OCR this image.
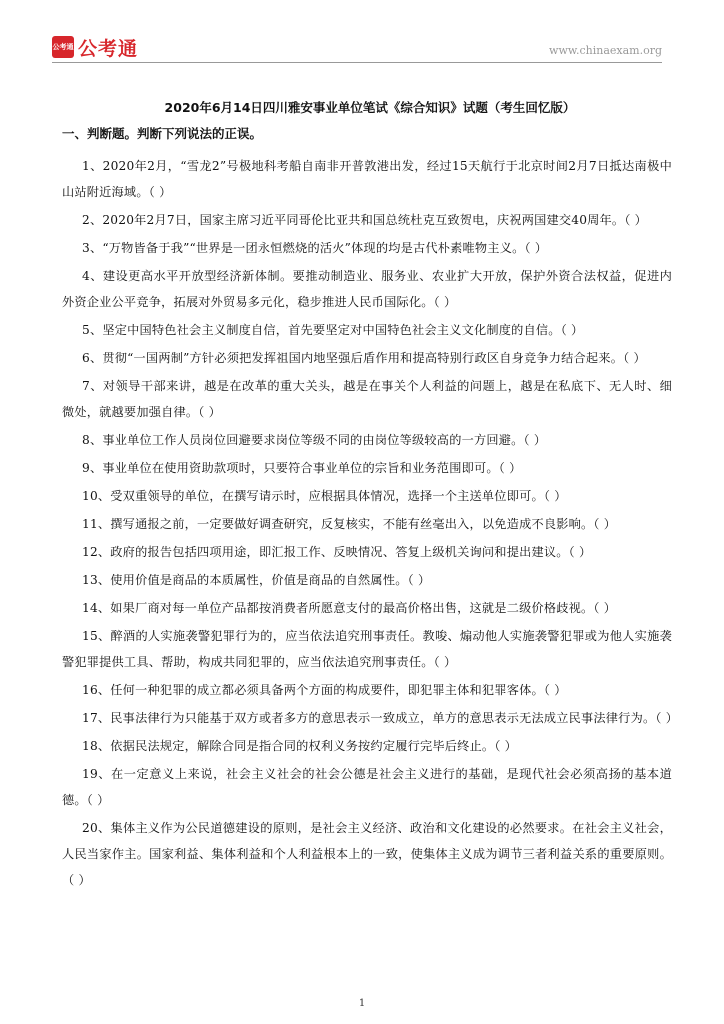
公考通 公考通	www.chinaexam.org
2020年6月14日四川雅安事业单位笔试《综合知识》试题（考生回忆版）
一、判断题。判断下列说法的正误。

1、2020年2月，“雪龙2”号极地科考船自南非开普敦港出发，经过15天航行于北京时间2月7日抵达南极中山站附近海域。（ ）

2、2020年2月7日，国家主席习近平同哥伦比亚共和国总统杜克互致贺电，庆祝两国建交40周年。（ ）

3、“万物皆备于我”“世界是一团永恒燃烧的活火”体现的均是古代朴素唯物主义。（ ）

4、建设更高水平开放型经济新体制。要推动制造业、服务业、农业扩大开放，保护外资合法权益，促进内外资企业公平竞争，拓展对外贸易多元化，稳步推进人民币国际化。（ ）

5、坚定中国特色社会主义制度自信，首先要坚定对中国特色社会主义文化制度的自信。（ ）

6、贯彻“一国两制”方针必须把发挥祖国内地坚强后盾作用和提高特别行政区自身竞争力结合起来。（ ）

7、对领导干部来讲，越是在改革的重大关头，越是在事关个人利益的问题上，越是在私底下、无人时、细微处，就越要加强自律。（ ）

8、事业单位工作人员岗位回避要求岗位等级不同的由岗位等级较高的一方回避。（ ）

9、事业单位在使用资助款项时，只要符合事业单位的宗旨和业务范围即可。（ ）

10、受双重领导的单位，在撰写请示时，应根据具体情况，选择一个主送单位即可。（ ）

11、撰写通报之前，一定要做好调查研究，反复核实，不能有丝毫出入，以免造成不良影响。（ ）

12、政府的报告包括四项用途，即汇报工作、反映情况、答复上级机关询问和提出建议。（ ）

13、使用价值是商品的本质属性，价值是商品的自然属性。（ ）

14、如果厂商对每一单位产品都按消费者所愿意支付的最高价格出售，这就是二级价格歧视。（ ）

15、醉酒的人实施袭警犯罪行为的，应当依法追究刑事责任。教唆、煽动他人实施袭警犯罪或为他人实施袭警犯罪提供工具、帮助，构成共同犯罪的，应当依法追究刑事责任。（ ）

16、任何一种犯罪的成立都必须具备两个方面的构成要件，即犯罪主体和犯罪客体。（ ）

17、民事法律行为只能基于双方或者多方的意思表示一致成立，单方的意思表示无法成立民事法律行为。（ ）

18、依据民法规定，解除合同是指合同的权利义务按约定履行完毕后终止。（ ）

19、在一定意义上来说，社会主义社会的社会公德是社会主义进行的基础，是现代社会必须高扬的基本道德。（ ）

20、集体主义作为公民道德建设的原则，是社会主义经济、政治和文化建设的必然要求。在社会主义社会，人民当家作主。国家利益、集体利益和个人利益根本上的一致，使集体主义成为调节三者利益关系的重要原则。（ ）

1
